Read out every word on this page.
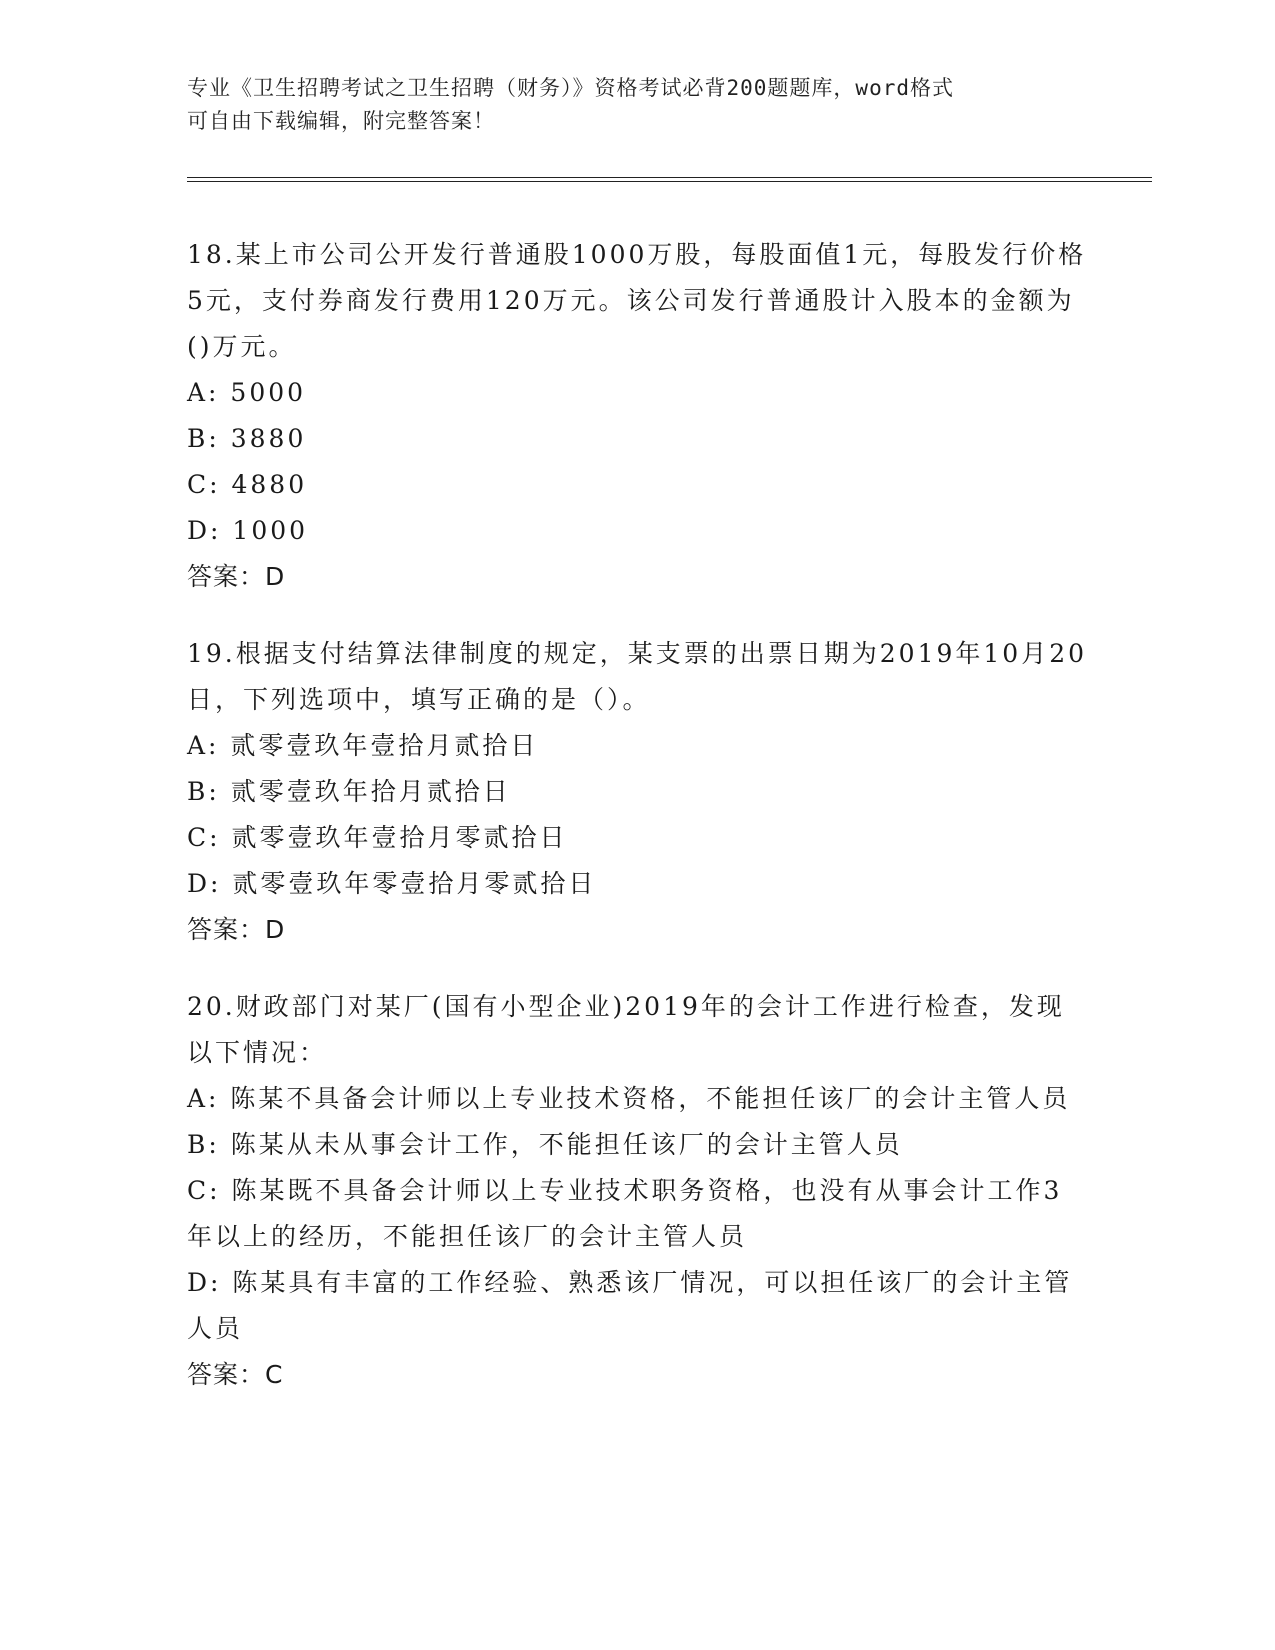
专业《卫生招聘考试之卫生招聘（财务）》资格考试必背200题题库，word格式
可自由下载编辑，附完整答案！
18.某上市公司公开发行普通股1000万股，每股面值1元，每股发行价格5元，支付券商发行费用120万元。该公司发行普通股计入股本的金额为()万元。
A: 5000
B: 3880
C: 4880
D: 1000
答案：D
19.根据支付结算法律制度的规定，某支票的出票日期为2019年10月20日，下列选项中，填写正确的是（）。
A: 贰零壹玖年壹拾月贰拾日
B: 贰零壹玖年拾月贰拾日
C: 贰零壹玖年壹拾月零贰拾日
D: 贰零壹玖年零壹拾月零贰拾日
答案：D
20.财政部门对某厂(国有小型企业)2019年的会计工作进行检查，发现以下情况：
A: 陈某不具备会计师以上专业技术资格，不能担任该厂的会计主管人员
B: 陈某从未从事会计工作，不能担任该厂的会计主管人员
C: 陈某既不具备会计师以上专业技术职务资格，也没有从事会计工作3年以上的经历，不能担任该厂的会计主管人员
D: 陈某具有丰富的工作经验、熟悉该厂情况，可以担任该厂的会计主管人员
答案：C
